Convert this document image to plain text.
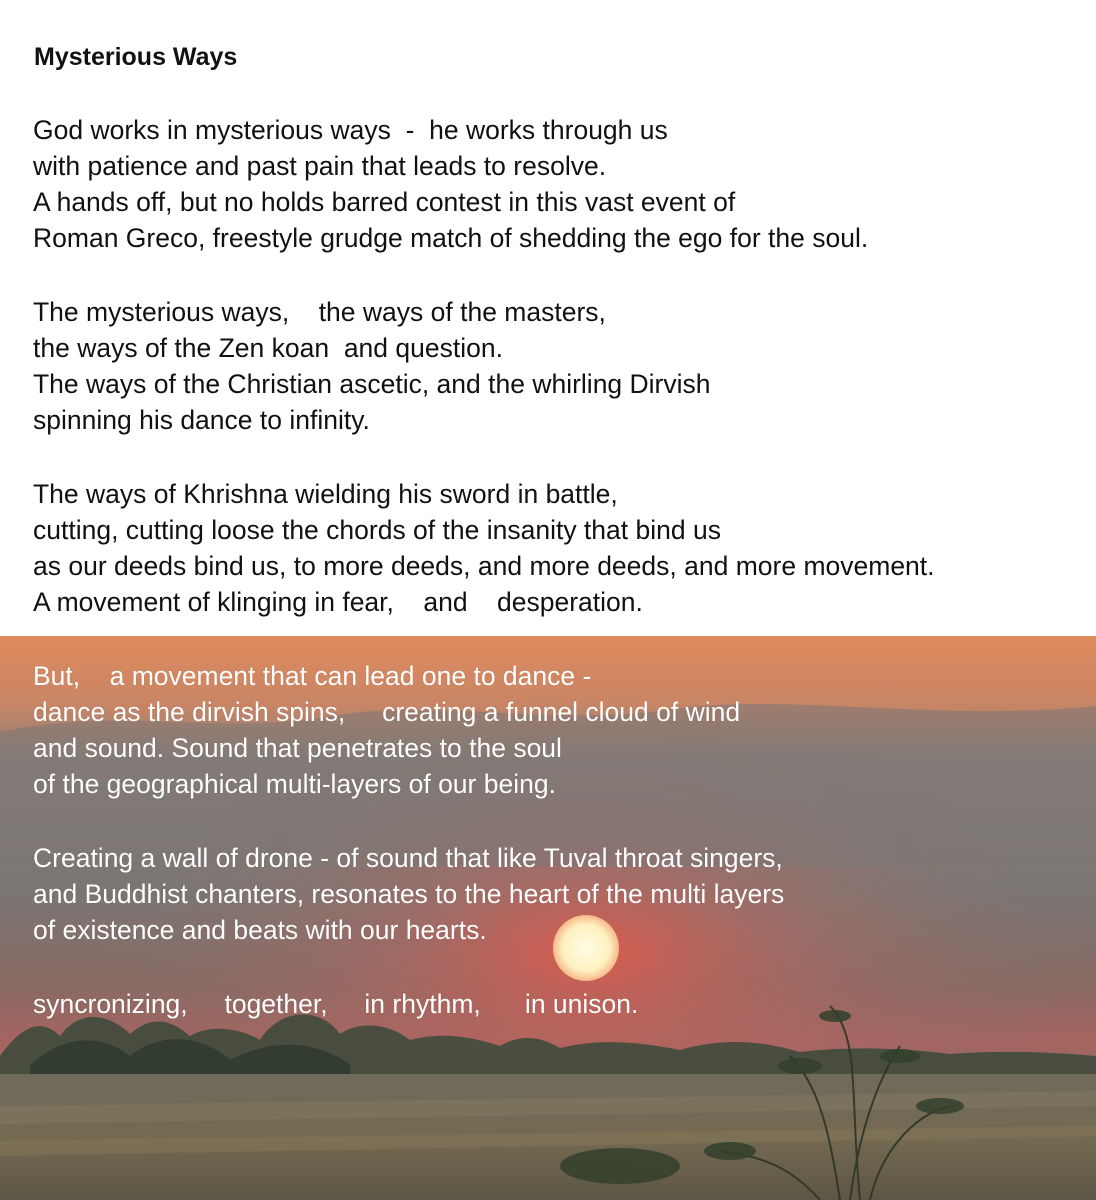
Mysterious Ways
God works in mysterious ways  -  he works through us
with patience and past pain that leads to resolve.
A hands off, but no holds barred contest in this vast event of
Roman Greco, freestyle grudge match of shedding the ego for the soul.
The mysterious ways,    the ways of the masters,
the ways of the Zen koan  and question.
The ways of the Christian ascetic, and the whirling Dirvish
spinning his dance to infinity.
The ways of Khrishna wielding his sword in battle,
cutting, cutting loose the chords of the insanity that bind us
as our deeds bind us, to more deeds, and more deeds, and more movement.
A movement of klinging in fear,    and    desperation.
But,    a movement that can lead one to dance -
dance as the dirvish spins,     creating a funnel cloud of wind
and sound. Sound that penetrates to the soul
of the geographical multi-layers of our being.
Creating a wall of drone - of sound that like Tuval throat singers,
and Buddhist chanters, resonates to the heart of the multi layers
of existence and beats with our hearts.
syncronizing,     together,     in rhythm,      in unison.
